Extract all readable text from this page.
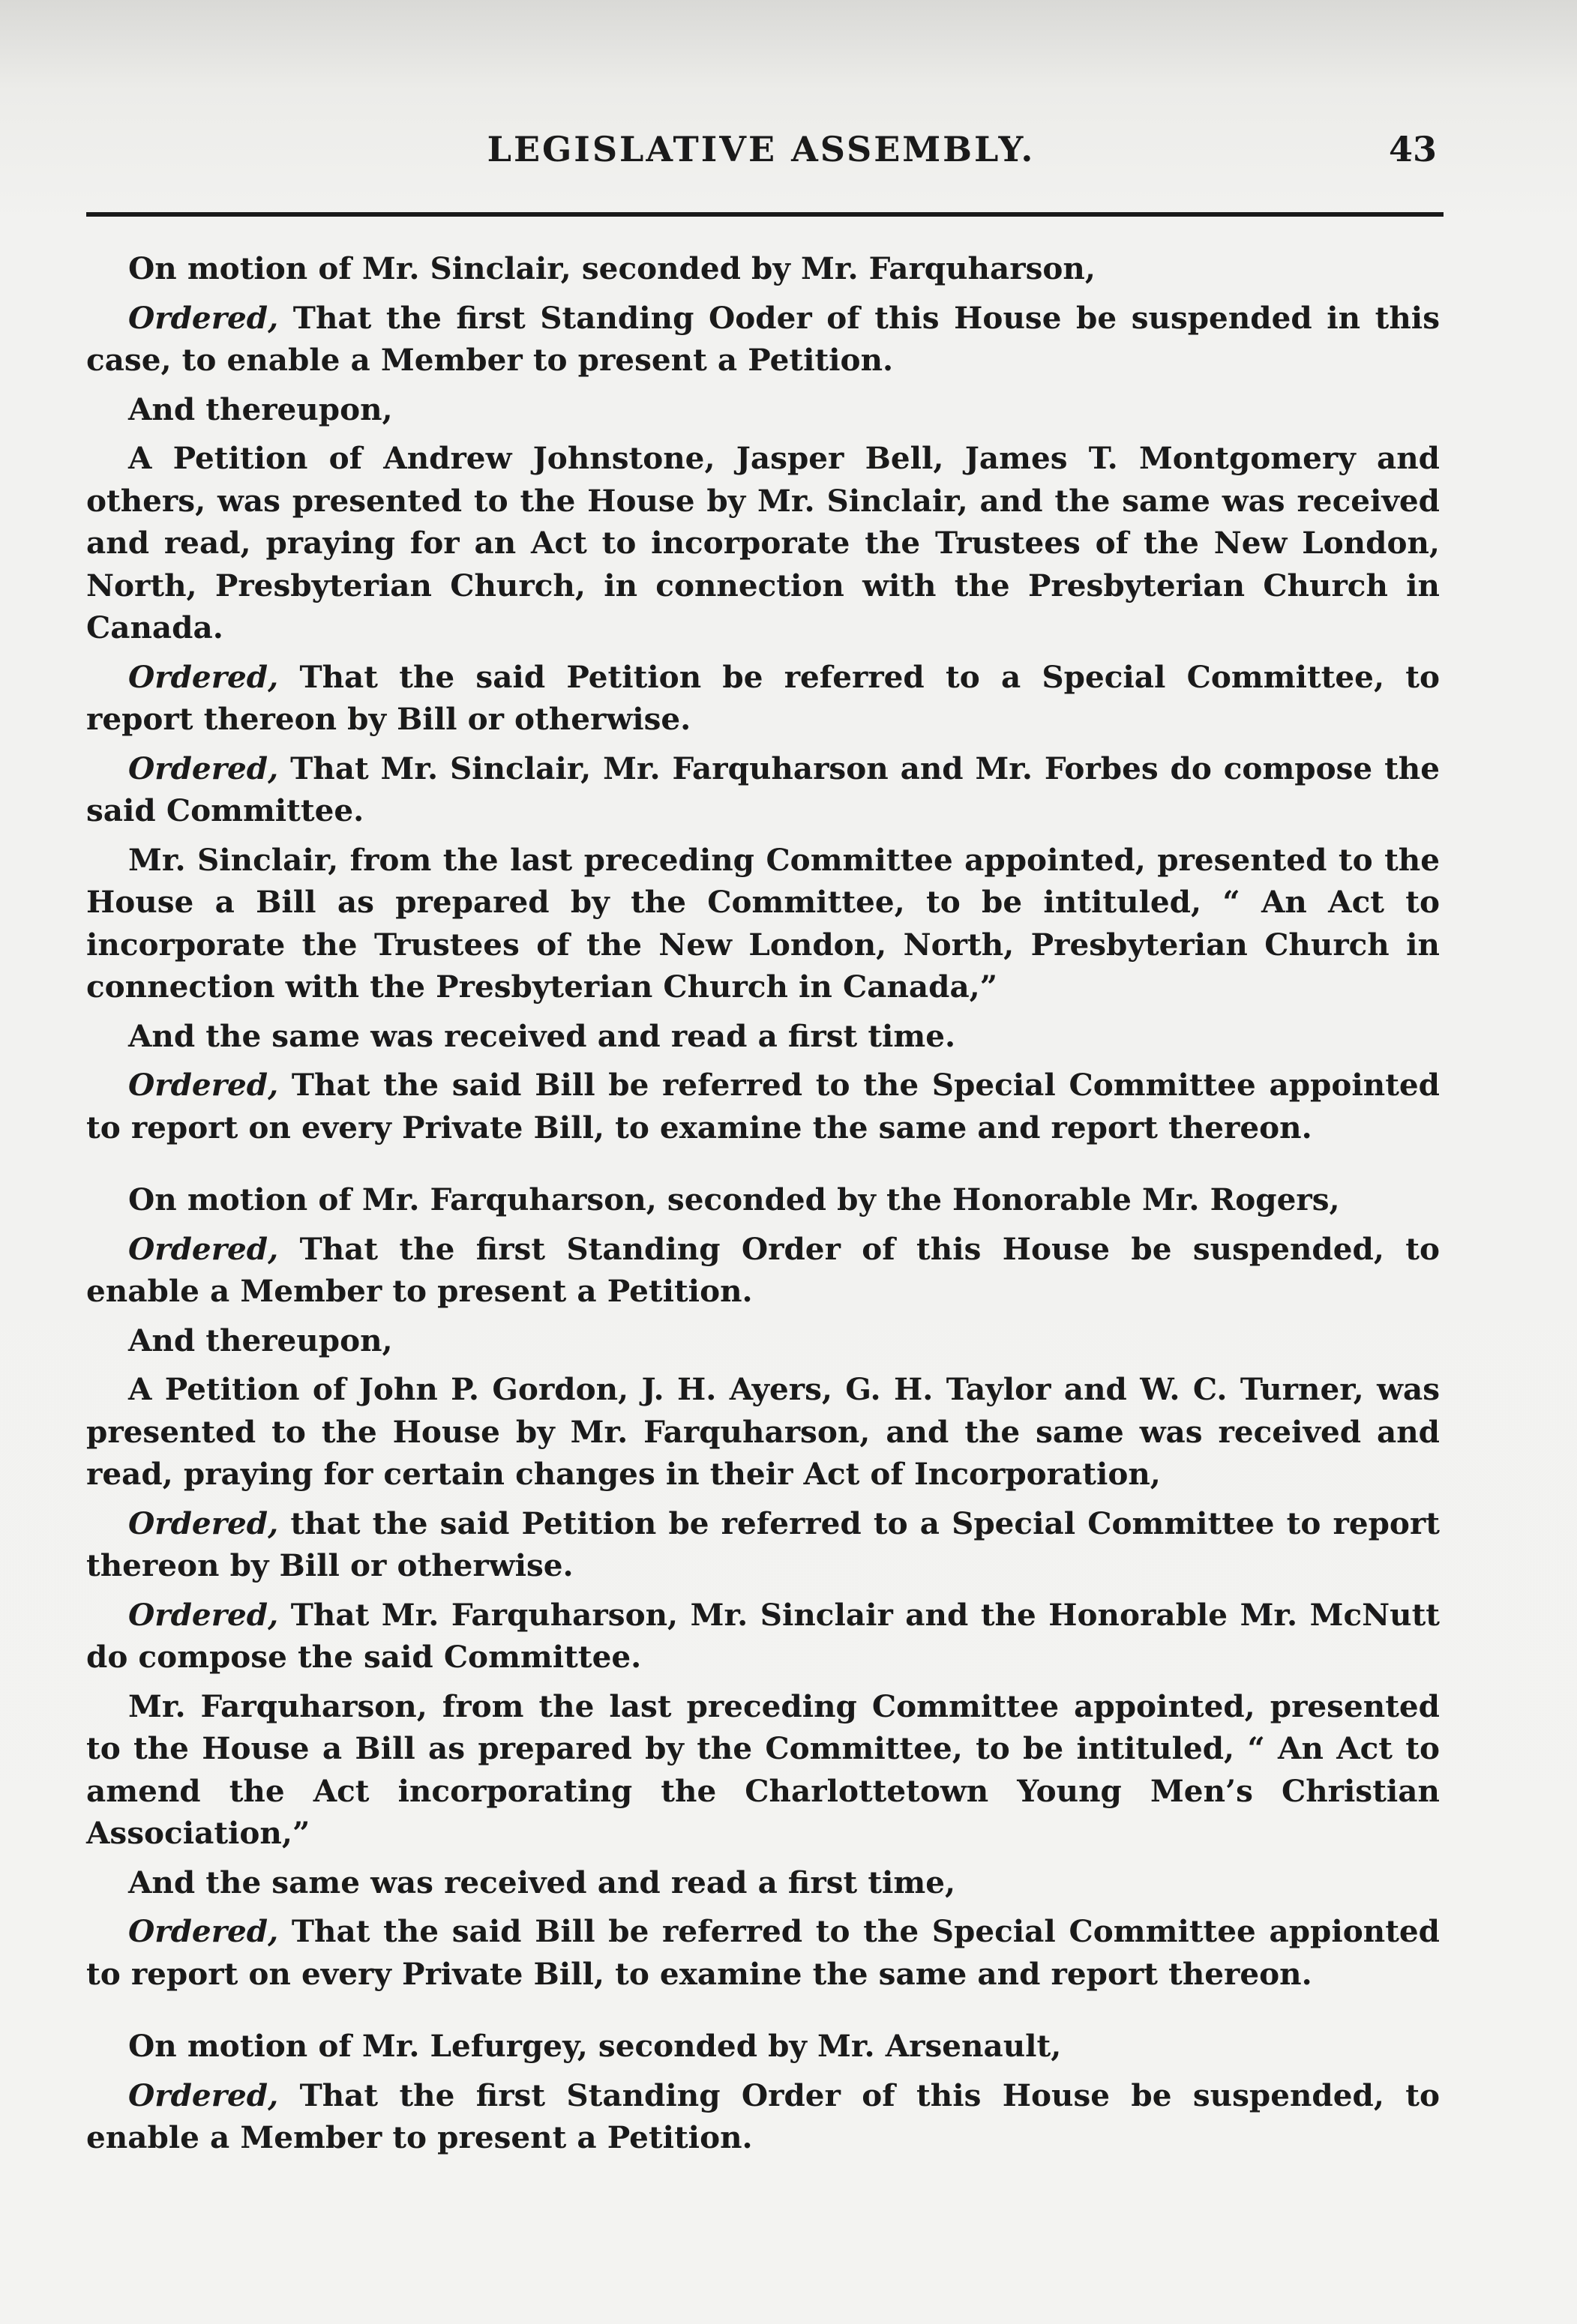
LEGISLATIVE ASSEMBLY.	43

On motion of Mr. Sinclair, seconded by Mr. Farquharson,

Ordered, That the first Standing Ooder of this House be suspended in this case, to enable a Member to present a Petition.

And thereupon,

A Petition of Andrew Johnstone, Jasper Bell, James T. Montgomery and others, was presented to the House by Mr. Sinclair, and the same was received and read, praying for an Act to incorporate the Trustees of the New London, North, Presbyterian Church, in connection with the Presbyterian Church in Canada.

Ordered, That the said Petition be referred to a Special Committee, to report thereon by Bill or otherwise.

Ordered, That Mr. Sinclair, Mr. Farquharson and Mr. Forbes do compose the said Committee.

Mr. Sinclair, from the last preceding Committee appointed, presented to the House a Bill as prepared by the Committee, to be intituled, “ An Act to incorporate the Trustees of the New London, North, Presbyterian Church in connection with the Presbyterian Church in Canada,”

And the same was received and read a first time.

Ordered, That the said Bill be referred to the Special Committee appointed to report on every Private Bill, to examine the same and report thereon.

On motion of Mr. Farquharson, seconded by the Honorable Mr. Rogers,

Ordered, That the first Standing Order of this House be suspended, to enable a Member to present a Petition.

And thereupon,

A Petition of John P. Gordon, J. H. Ayers, G. H. Taylor and W. C. Turner, was presented to the House by Mr. Farquharson, and the same was received and read, praying for certain changes in their Act of Incorporation,

Ordered, that the said Petition be referred to a Special Committee to report thereon by Bill or otherwise.

Ordered, That Mr. Farquharson, Mr. Sinclair and the Honorable Mr. McNutt do compose the said Committee.

Mr. Farquharson, from the last preceding Committee appointed, presented to the House a Bill as prepared by the Committee, to be intituled, “ An Act to amend the Act incorporating the Charlottetown Young Men’s Christian Association,”

And the same was received and read a first time,

Ordered, That the said Bill be referred to the Special Committee appionted to report on every Private Bill, to examine the same and report thereon.

On motion of Mr. Lefurgey, seconded by Mr. Arsenault,

Ordered, That the first Standing Order of this House be suspended, to enable a Member to present a Petition.
